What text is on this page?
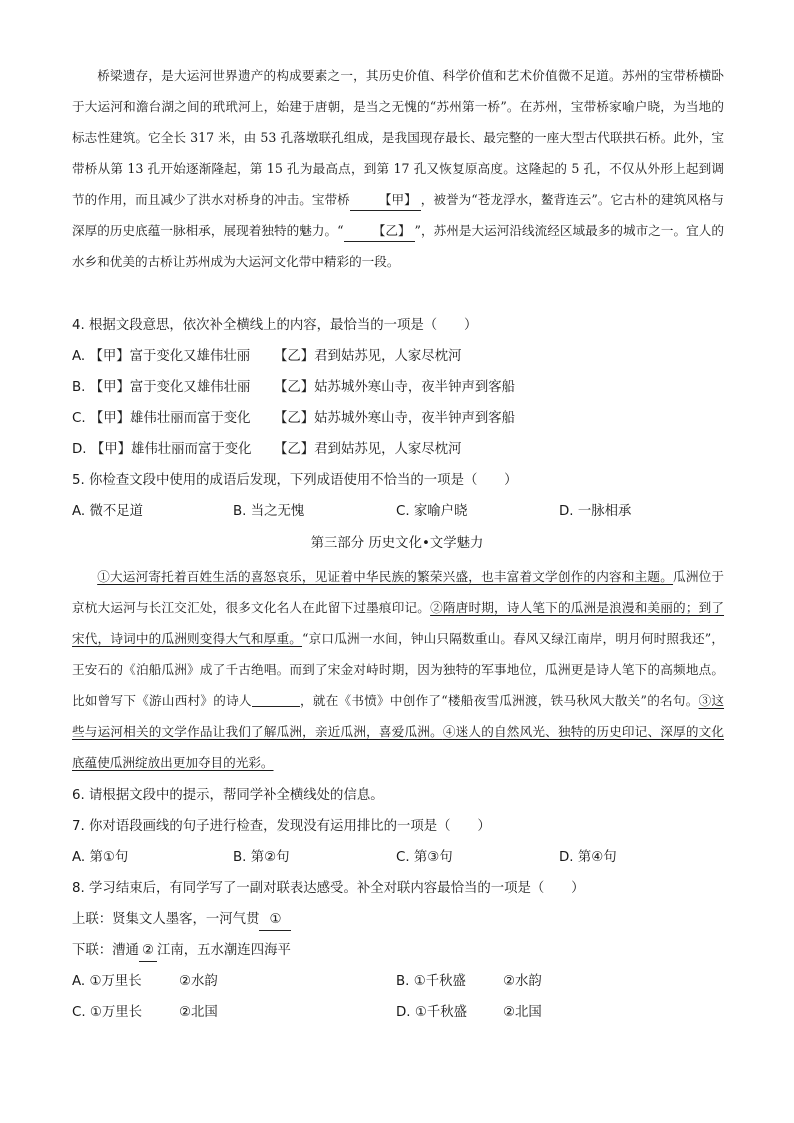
桥梁遗存，是大运河世界遗产的构成要素之一，其历史价值、科学价值和艺术价值微不足道。苏州的宝带桥横卧于大运河和澹台湖之间的玳玳河上，始建于唐朝，是当之无愧的“苏州第一桥”。在苏州，宝带桥家喻户晓，为当地的标志性建筑。它全长 317 米，由 53 孔落墩联孔组成，是我国现存最长、最完整的一座大型古代联拱石桥。此外，宝带桥从第 13 孔开始逐渐隆起，第 15 孔为最高点，到第 17 孔又恢复原高度。这隆起的 5 孔，不仅从外形上起到调节的作用，而且减少了洪水对桥身的冲击。宝带桥 【甲】 ，被誉为“苍龙浮水，鳌背连云”。它古朴的建筑风格与深厚的历史底蕴一脉相承，展现着独特的魅力。“ 【乙】 ”，苏州是大运河沿线流经区域最多的城市之一。宜人的水乡和优美的古桥让苏州成为大运河文化带中精彩的一段。

4. 根据文段意思，依次补全横线上的内容，最恰当的一项是（　　）
A. 【甲】富于变化又雄伟壮丽 【乙】君到姑苏见，人家尽枕河
B. 【甲】富于变化又雄伟壮丽 【乙】姑苏城外寒山寺，夜半钟声到客船
C. 【甲】雄伟壮丽而富于变化 【乙】姑苏城外寒山寺，夜半钟声到客船
D. 【甲】雄伟壮丽而富于变化 【乙】君到姑苏见，人家尽枕河
5. 你检查文段中使用的成语后发现，下列成语使用不恰当的一项是（　　）
A. 微不足道	B. 当之无愧	C. 家喻户晓	D. 一脉相承
第三部分 历史文化•文学魅力

①大运河寄托着百姓生活的喜怒哀乐，见证着中华民族的繁荣兴盛，也丰富着文学创作的内容和主题。瓜洲位于京杭大运河与长江交汇处，很多文化名人在此留下过墨痕印记。②隋唐时期，诗人笔下的瓜洲是浪漫和美丽的；到了宋代，诗词中的瓜洲则变得大气和厚重。“京口瓜洲一水间，钟山只隔数重山。春风又绿江南岸，明月何时照我还”，王安石的《泊船瓜洲》成了千古绝唱。而到了宋金对峙时期，因为独特的军事地位，瓜洲更是诗人笔下的高频地点。比如曾写下《游山西村》的诗人	，就在《书愤》中创作了“楼船夜雪瓜洲渡，铁马秋风大散关”的名句。③这些与运河相关的文学作品让我们了解瓜洲，亲近瓜洲，喜爱瓜洲。④迷人的自然风光、独特的历史印记、深厚的文化底蕴使瓜洲绽放出更加夺目的光彩。

6. 请根据文段中的提示，帮同学补全横线处的信息。
7. 你对语段画线的句子进行检查，发现没有运用排比的一项是（　　）
A. 第①句	B. 第②句	C. 第③句	D. 第④句
8. 学习结束后，有同学写了一副对联表达感受。补全对联内容最恰当的一项是（　　）
上联：贤集文人墨客，一河气贯 ①
下联：漕通 ② 江南，五水潮连四海平
A. ①万里长	②水韵	B. ①千秋盛	②水韵
C. ①万里长	②北国	D. ①千秋盛	②北国
